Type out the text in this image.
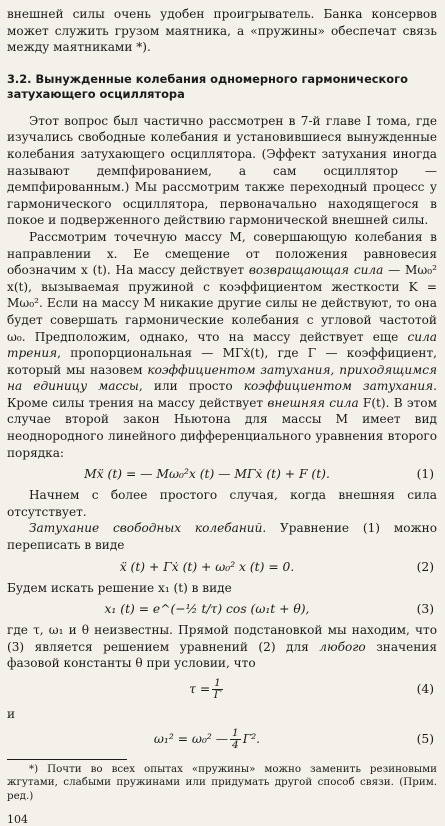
внешней силы очень удобен проигрыватель. Банка консервов может служить грузом маятника, а «пружины» обеспечат связь между маятниками *).

3.2. Вынужденные колебания одномерного гармонического затухающего осциллятора

Этот вопрос был частично рассмотрен в 7-й главе I тома, где изучались свободные колебания и установившиеся вынужденные колебания затухающего осциллятора. (Эффект затухания иногда называют демпфированием, а сам осциллятор — демпфированным.) Мы рассмотрим также переходный процесс у гармонического осциллятора, первоначально находящегося в покое и подверженного действию гармонической внешней силы.

Рассмотрим точечную массу M, совершающую колебания в направлении x. Ее смещение от положения равновесия обозначим x (t). На массу действует возвращающая сила — Mω₀² x(t), вызываемая пружиной с коэффициентом жесткости K = Mω₀². Если на массу M никакие другие силы не действуют, то она будет совершать гармонические колебания с угловой частотой ω₀. Предположим, однако, что на массу действует еще сила трения, пропорциональная — MΓẋ(t), где Γ — коэффициент, который мы назовем коэффициентом затухания, приходящимся на единицу массы, или просто коэффициентом затухания. Кроме силы трения на массу действует внешняя сила F(t). В этом случае второй закон Ньютона для массы M имеет вид неоднородного линейного дифференциального уравнения второго порядка:

Mẍ (t) = — Mω₀²x (t) — MΓẋ (t) + F (t).	(1)

Начнем с более простого случая, когда внешняя сила отсутствует.

Затухание свободных колебаний. Уравнение (1) можно переписать в виде

ẍ (t) + Γẋ (t) + ω₀² x (t) = 0.	(2)

Будем искать решение x₁ (t) в виде

x₁ (t) = e^(−½ t/τ) cos (ω₁t + θ),	(3)

где τ, ω₁ и θ неизвестны. Прямой подстановкой мы находим, что (3) является решением уравнений (2) для любого значения фазовой константы θ при условии, что

$\tau = \frac{1}{\Gamma}$	(4)

и

ω₁² = ω₀² — $\frac{1}{4} \Gamma^2$.	(5)

*) Почти во всех опытах «пружины» можно заменить резиновыми жгутами, слабыми пружинами или придумать другой способ связи. (Прим. ред.)

104
